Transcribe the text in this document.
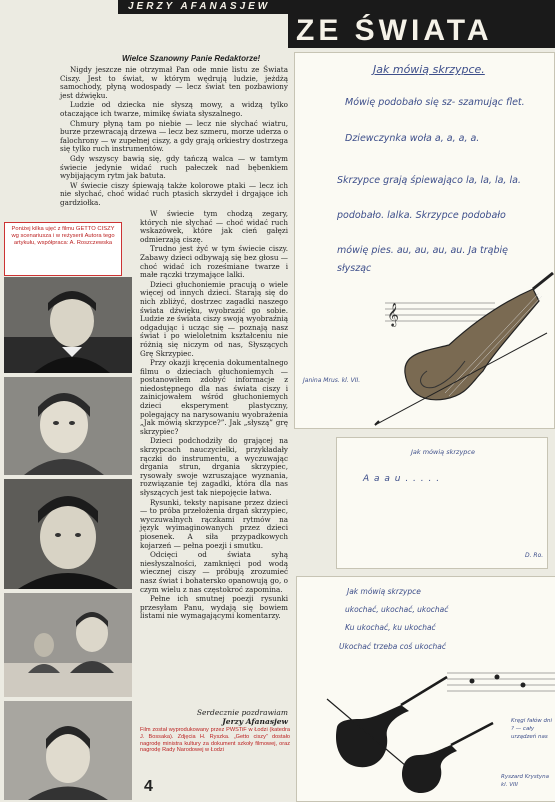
JERZY AFANASJEW
ZE ŚWIATA
Wielce Szanowny Panie Redaktorze!

Nigdy jeszcze nie otrzymał Pan ode mnie listu ze Świata Ciszy. Jest to świat, w którym wędrują ludzie, jeżdżą samochody, płyną wodospady — lecz świat ten pozbawiony jest dźwięku.

Ludzie od dziecka nie słyszą mowy, a widzą tylko otaczające ich twarze, mimikę świata słyszalnego.

Chmury płyną tam po niebie — lecz nie słychać wiatru, burze przewracają drzewa — lecz bez szmeru, morze uderza o falochrony — w zupełnej ciszy, a gdy grają orkiestry dostrzega się tylko ruch instrumentów.

Gdy wszyscy bawią się, gdy tańczą walca — w tamtym świecie jedynie widać ruch pałeczek nad bębenkiem wybijającym rytm jak batuta.

W świecie ciszy śpiewają także kolorowe ptaki — lecz ich nie słychać, choć widać ruch ptasich skrzydeł i drgające ich gardziołka.

Poniżej kilka ujęć z filmu GETTO CISZY wg scenariusza i w reżyserii Autora tego artykułu, współpraca: A. Roszczewska

W świecie tym chodzą zegary, których nie słychać — choć widać ruch wskazówek, które jak cień gałęzi odmierzają ciszę.

Trudno jest żyć w tym świecie ciszy. Zabawy dzieci odbywają się bez głosu — choć widać ich roześmiane twarze i małe rączki trzymające lalki.

Dzieci głuchoniemie pracują o wiele więcej od innych dzieci. Starają się do nich zbliżyć, dostrzec zagadki naszego świata dźwięku, wyobrazić go sobie. Ludzie ze świata ciszy swoją wyobraźnią odgadując i ucząc się — poznają nasz świat i po wieloletnim kształceniu nie różnią się niczym od nas, Słyszących Grę Skrzypiec.

Przy okazji kręcenia dokumentalnego filmu o dzieciach głuchoniemych — postanowiłem zdobyć informacje z niedostępnego dla nas świata ciszy i zainicjowałem wśród głuchoniemych dzieci eksperyment plastyczny, polegający na narysowaniu wyobrażenia „Jak mówią skrzypce?”. Jak „słyszą” grę skrzypiec?

Dzieci podchodziły do grającej na skrzypcach nauczycielki, przykładały rączki do instrumentu, a wyczuwając drgania strun, drgania skrzypiec, rysowały swoje wzruszające wyznania, rozwiązanie tej zagadki, która dla nas słyszących jest tak niepojęcie łatwa.

Rysunki, teksty napisane przez dzieci — to próba przełożenia drgań skrzypiec, wyczuwalnych rączkami rytmów na język wyimaginowanych przez dzieci piosenek. A siła przypadkowych kojarzeń — pełna poezji i smutku.

Odcięci od świata syhą niesłyszalności, zamknięci pod wodą wiecznej ciszy — próbują zrozumieć nasz świat i bohatersko opanowują go, o czym wielu z nas częstokroć zapomina.

Pełne ich smutnej poezji rysunki przesyłam Panu, wydają się bowiem listami nie wymagającymi komentarzy.

Serdecznie pozdrawiam
Jerzy Afanasjew
Film został wyprodukowany przez PWSTiF w Łodzi (katedra J. Bossaka). Zdjęcia H. Ryszka. „Getto ciszy” dostało nagrodę ministra kultury za dokument szkoły filmowej, oraz nagrodę Rady Narodowej w Łodzi
4
Jak mówią skrzypce.
Mówię podobało się sz- szamując flet.
Dziewczynka woła a, a, a, a.
Skrzypce grają śpiewająco la, la, la, la.
podobało. lalka. Skrzypce podobało
mówię pies. au, au, au, au. Ja trąbię
słysząc
𝄞
Janina Mrus. kl. VII.
Jak mówią skrzypce
A a a u . . . . .
D. Ro.
Jak mówią skrzypce
ukochać, ukochać, ukochać
Ku ukochać, ku ukochać
Ukochać trzeba coś ukochać
Kręgi fałów dni ? — cały urządzeń nas
Ryszard Krystyna kl. VIII
